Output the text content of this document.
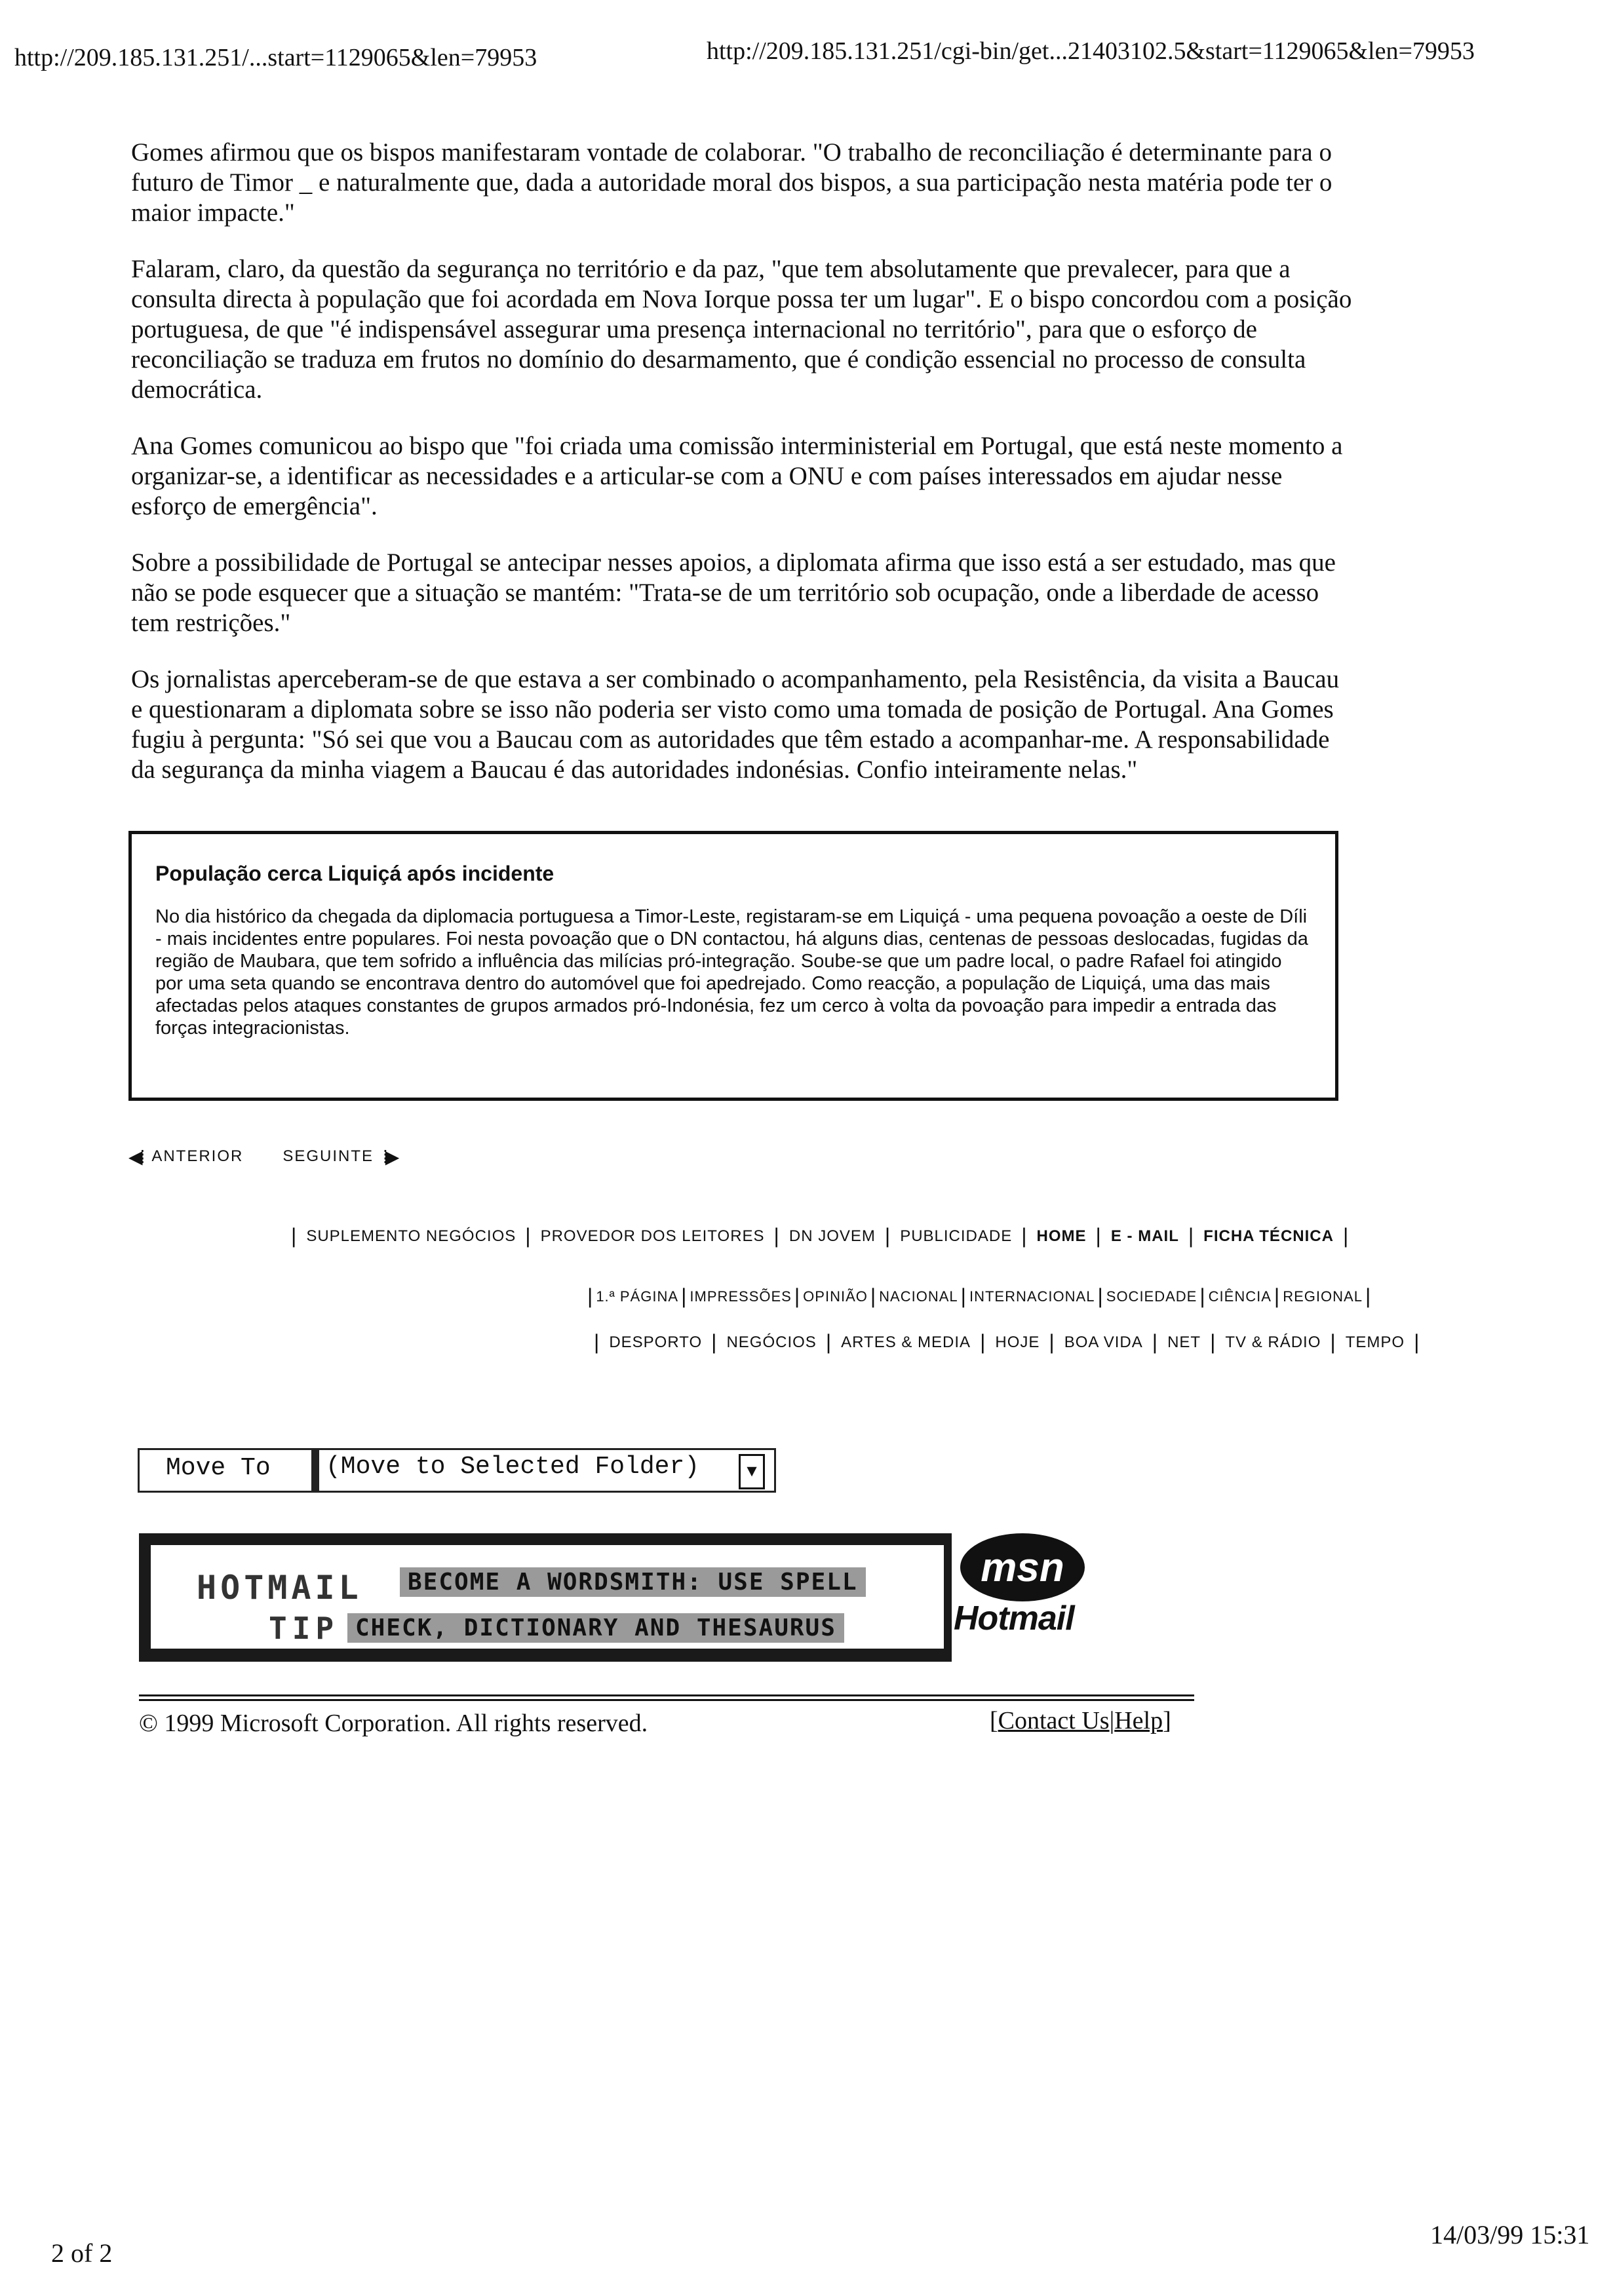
http://209.185.131.251/...start=1129065&len=79953	http://209.185.131.251/cgi-bin/get...21403102.5&start=1129065&len=79953

Gomes afirmou que os bispos manifestaram vontade de colaborar. "O trabalho de reconciliação é determinante para o futuro de Timor _ e naturalmente que, dada a autoridade moral dos bispos, a sua participação nesta matéria pode ter o maior impacte."

Falaram, claro, da questão da segurança no território e da paz, "que tem absolutamente que prevalecer, para que a consulta directa à população que foi acordada em Nova Iorque possa ter um lugar". E o bispo concordou com a posição portuguesa, de que "é indispensável assegurar uma presença internacional no território", para que o esforço de reconciliação se traduza em frutos no domínio do desarmamento, que é condição essencial no processo de consulta democrática.

Ana Gomes comunicou ao bispo que "foi criada uma comissão interministerial em Portugal, que está neste momento a organizar-se, a identificar as necessidades e a articular-se com a ONU e com países interessados em ajudar nesse esforço de emergência".

Sobre a possibilidade de Portugal se antecipar nesses apoios, a diplomata afirma que isso está a ser estudado, mas que não se pode esquecer que a situação se mantém: "Trata-se de um território sob ocupação, onde a liberdade de acesso tem restrições."

Os jornalistas aperceberam-se de que estava a ser combinado o acompanhamento, pela Resistência, da visita a Baucau e questionaram a diplomata sobre se isso não poderia ser visto como uma tomada de posição de Portugal. Ana Gomes fugiu à pergunta: "Só sei que vou a Baucau com as autoridades que têm estado a acompanhar-me. A responsabilidade da segurança da minha viagem a Baucau é das autoridades indonésias. Confio inteiramente nelas."

População cerca Liquiçá após incidente

No dia histórico da chegada da diplomacia portuguesa a Timor-Leste, registaram-se em Liquiçá - uma pequena povoação a oeste de Díli - mais incidentes entre populares. Foi nesta povoação que o DN contactou, há alguns dias, centenas de pessoas deslocadas, fugidas da região de Maubara, que tem sofrido a influência das milícias pró-integração. Soube-se que um padre local, o padre Rafael foi atingido por uma seta quando se encontrava dentro do automóvel que foi apedrejado. Como reacção, a população de Liquiçá, uma das mais afectadas pelos ataques constantes de grupos armados pró-Indonésia, fez um cerco à volta da povoação para impedir a entrada das forças integracionistas.

◀⁞ ANTERIOR	SEGUINTE ⁞▶
| SUPLEMENTO NEGÓCIOS | PROVEDOR DOS LEITORES | DN JOVEM | PUBLICIDADE | HOME | E - MAIL | FICHA TÉCNICA |
| 1.ª PÁGINA | IMPRESSÕES | OPINIÃO | NACIONAL | INTERNACIONAL | SOCIEDADE | CIÊNCIA | REGIONAL |
| DESPORTO | NEGÓCIOS | ARTES & MEDIA | HOJE | BOA VIDA | NET | TV & RÁDIO | TEMPO |
Move To	(Move to Selected Folder)	▼
HOTMAIL
TIP
BECOME A WORDSMITH: USE SPELL
CHECK, DICTIONARY AND THESAURUS
msn
Hotmail
© 1999 Microsoft Corporation. All rights reserved.	[Contact Us|Help]
2 of 2
14/03/99 15:31
